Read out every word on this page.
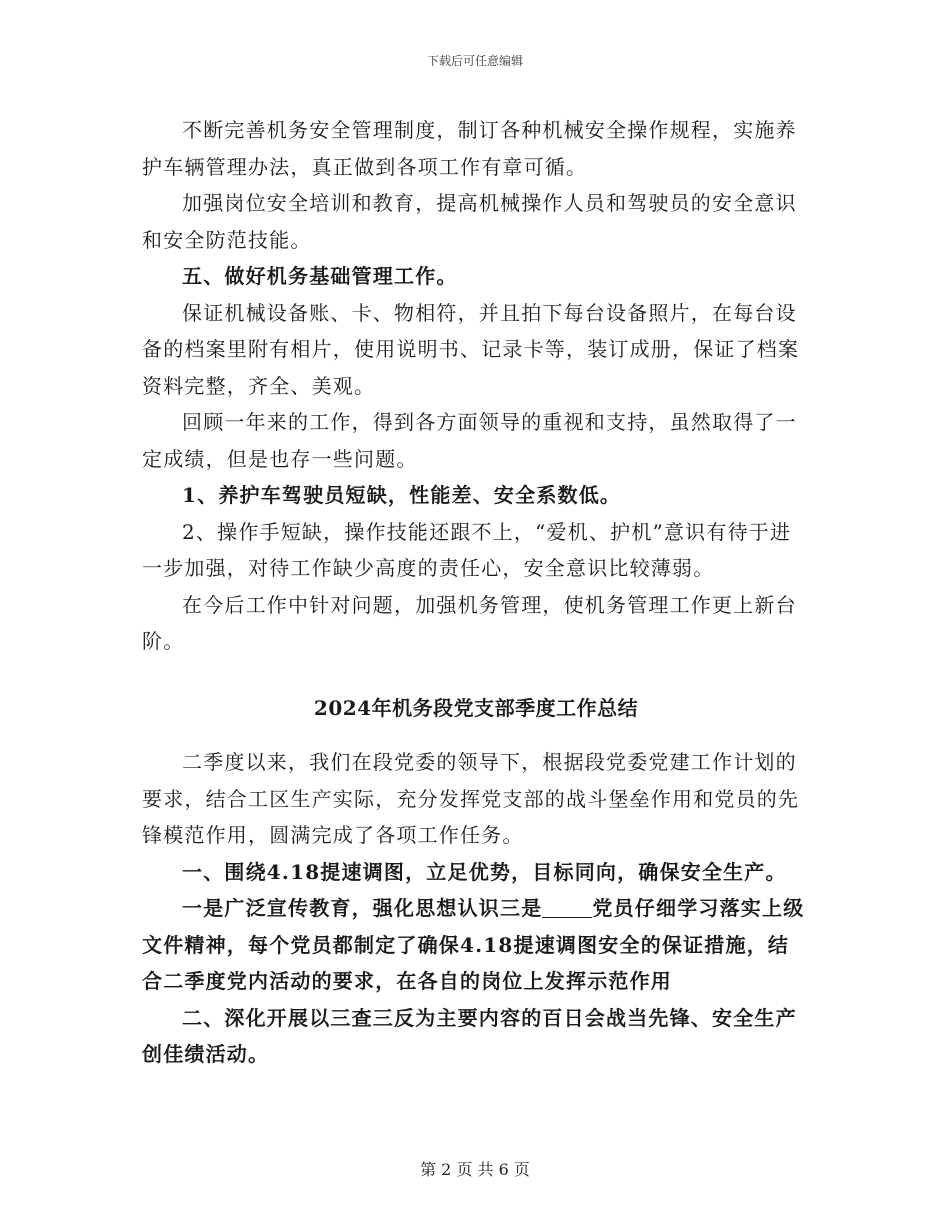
下载后可任意编辑

不断完善机务安全管理制度，制订各种机械安全操作规程，实施养护车辆管理办法，真正做到各项工作有章可循。

加强岗位安全培训和教育，提高机械操作人员和驾驶员的安全意识和安全防范技能。

五、做好机务基础管理工作。

保证机械设备账、卡、物相符，并且拍下每台设备照片，在每台设备的档案里附有相片，使用说明书、记录卡等，装订成册，保证了档案资料完整，齐全、美观。

回顾一年来的工作，得到各方面领导的重视和支持，虽然取得了一定成绩，但是也存一些问题。

1、养护车驾驶员短缺，性能差、安全系数低。

2、操作手短缺，操作技能还跟不上，“爱机、护机”意识有待于进一步加强，对待工作缺少高度的责任心，安全意识比较薄弱。

在今后工作中针对问题，加强机务管理，使机务管理工作更上新台阶。

2024年机务段党支部季度工作总结

二季度以来，我们在段党委的领导下，根据段党委党建工作计划的要求，结合工区生产实际，充分发挥党支部的战斗堡垒作用和党员的先锋模范作用，圆满完成了各项工作任务。

一、围绕4.18提速调图，立足优势，目标同向，确保安全生产。

一是广泛宣传教育，强化思想认识三是	党员仔细学习落实上级文件精神，每个党员都制定了确保4.18提速调图安全的保证措施，结合二季度党内活动的要求，在各自的岗位上发挥示范作用

二、深化开展以三查三反为主要内容的百日会战当先锋、安全生产创佳绩活动。

第 2 页 共 6 页
